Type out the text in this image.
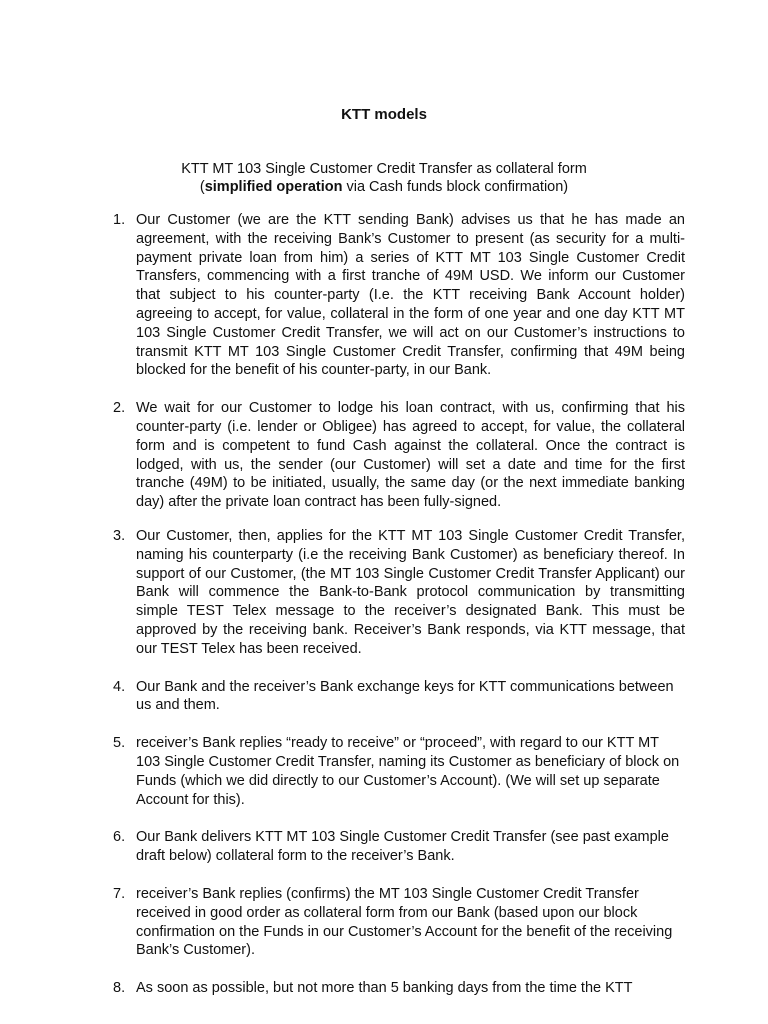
KTT models
KTT MT 103 Single Customer Credit Transfer as collateral form
(simplified operation via Cash funds block confirmation)
1. Our Customer (we are the KTT sending Bank) advises us that he has made an agreement, with the receiving Bank’s Customer to present (as security for a multi-payment private loan from him) a series of KTT MT 103 Single Customer Credit Transfers, commencing with a first tranche of 49M USD. We inform our Customer that subject to his counter-party (I.e. the KTT receiving Bank Account holder) agreeing to accept, for value, collateral in the form of one year and one day KTT MT 103 Single Customer Credit Transfer, we will act on our Customer’s instructions to transmit KTT MT 103 Single Customer Credit Transfer, confirming that 49M being blocked for the benefit of his counter-party, in our Bank.
2. We wait for our Customer to lodge his loan contract, with us, confirming that his counter-party (i.e. lender or Obligee) has agreed to accept, for value, the collateral form and is competent to fund Cash against the collateral. Once the contract is lodged, with us, the sender (our Customer) will set a date and time for the first tranche (49M) to be initiated, usually, the same day (or the next immediate banking day) after the private loan contract has been fully-signed.
3. Our Customer, then, applies for the KTT MT 103 Single Customer Credit Transfer, naming his counterparty (i.e the receiving Bank Customer) as beneficiary thereof. In support of our Customer, (the MT 103 Single Customer Credit Transfer Applicant) our Bank will commence the Bank-to-Bank protocol communication by transmitting simple TEST Telex message to the receiver’s designated Bank. This must be approved by the receiving bank. Receiver’s Bank responds, via KTT message, that our TEST Telex has been received.
4. Our Bank and the receiver’s Bank exchange keys for KTT communications between us and them.
5. receiver’s Bank replies “ready to receive” or “proceed”, with regard to our KTT MT 103 Single Customer Credit Transfer, naming its Customer as beneficiary of block on Funds (which we did directly to our Customer’s Account). (We will set up separate Account for this).
6. Our Bank delivers KTT MT 103 Single Customer Credit Transfer (see past example draft below) collateral form to the receiver’s Bank.
7. receiver’s Bank replies (confirms) the MT 103 Single Customer Credit Transfer received in good order as collateral form from our Bank (based upon our block confirmation on the Funds in our Customer’s Account for the benefit of the receiving Bank’s Customer).
8. As soon as possible, but not more than 5 banking days from the time the KTT
